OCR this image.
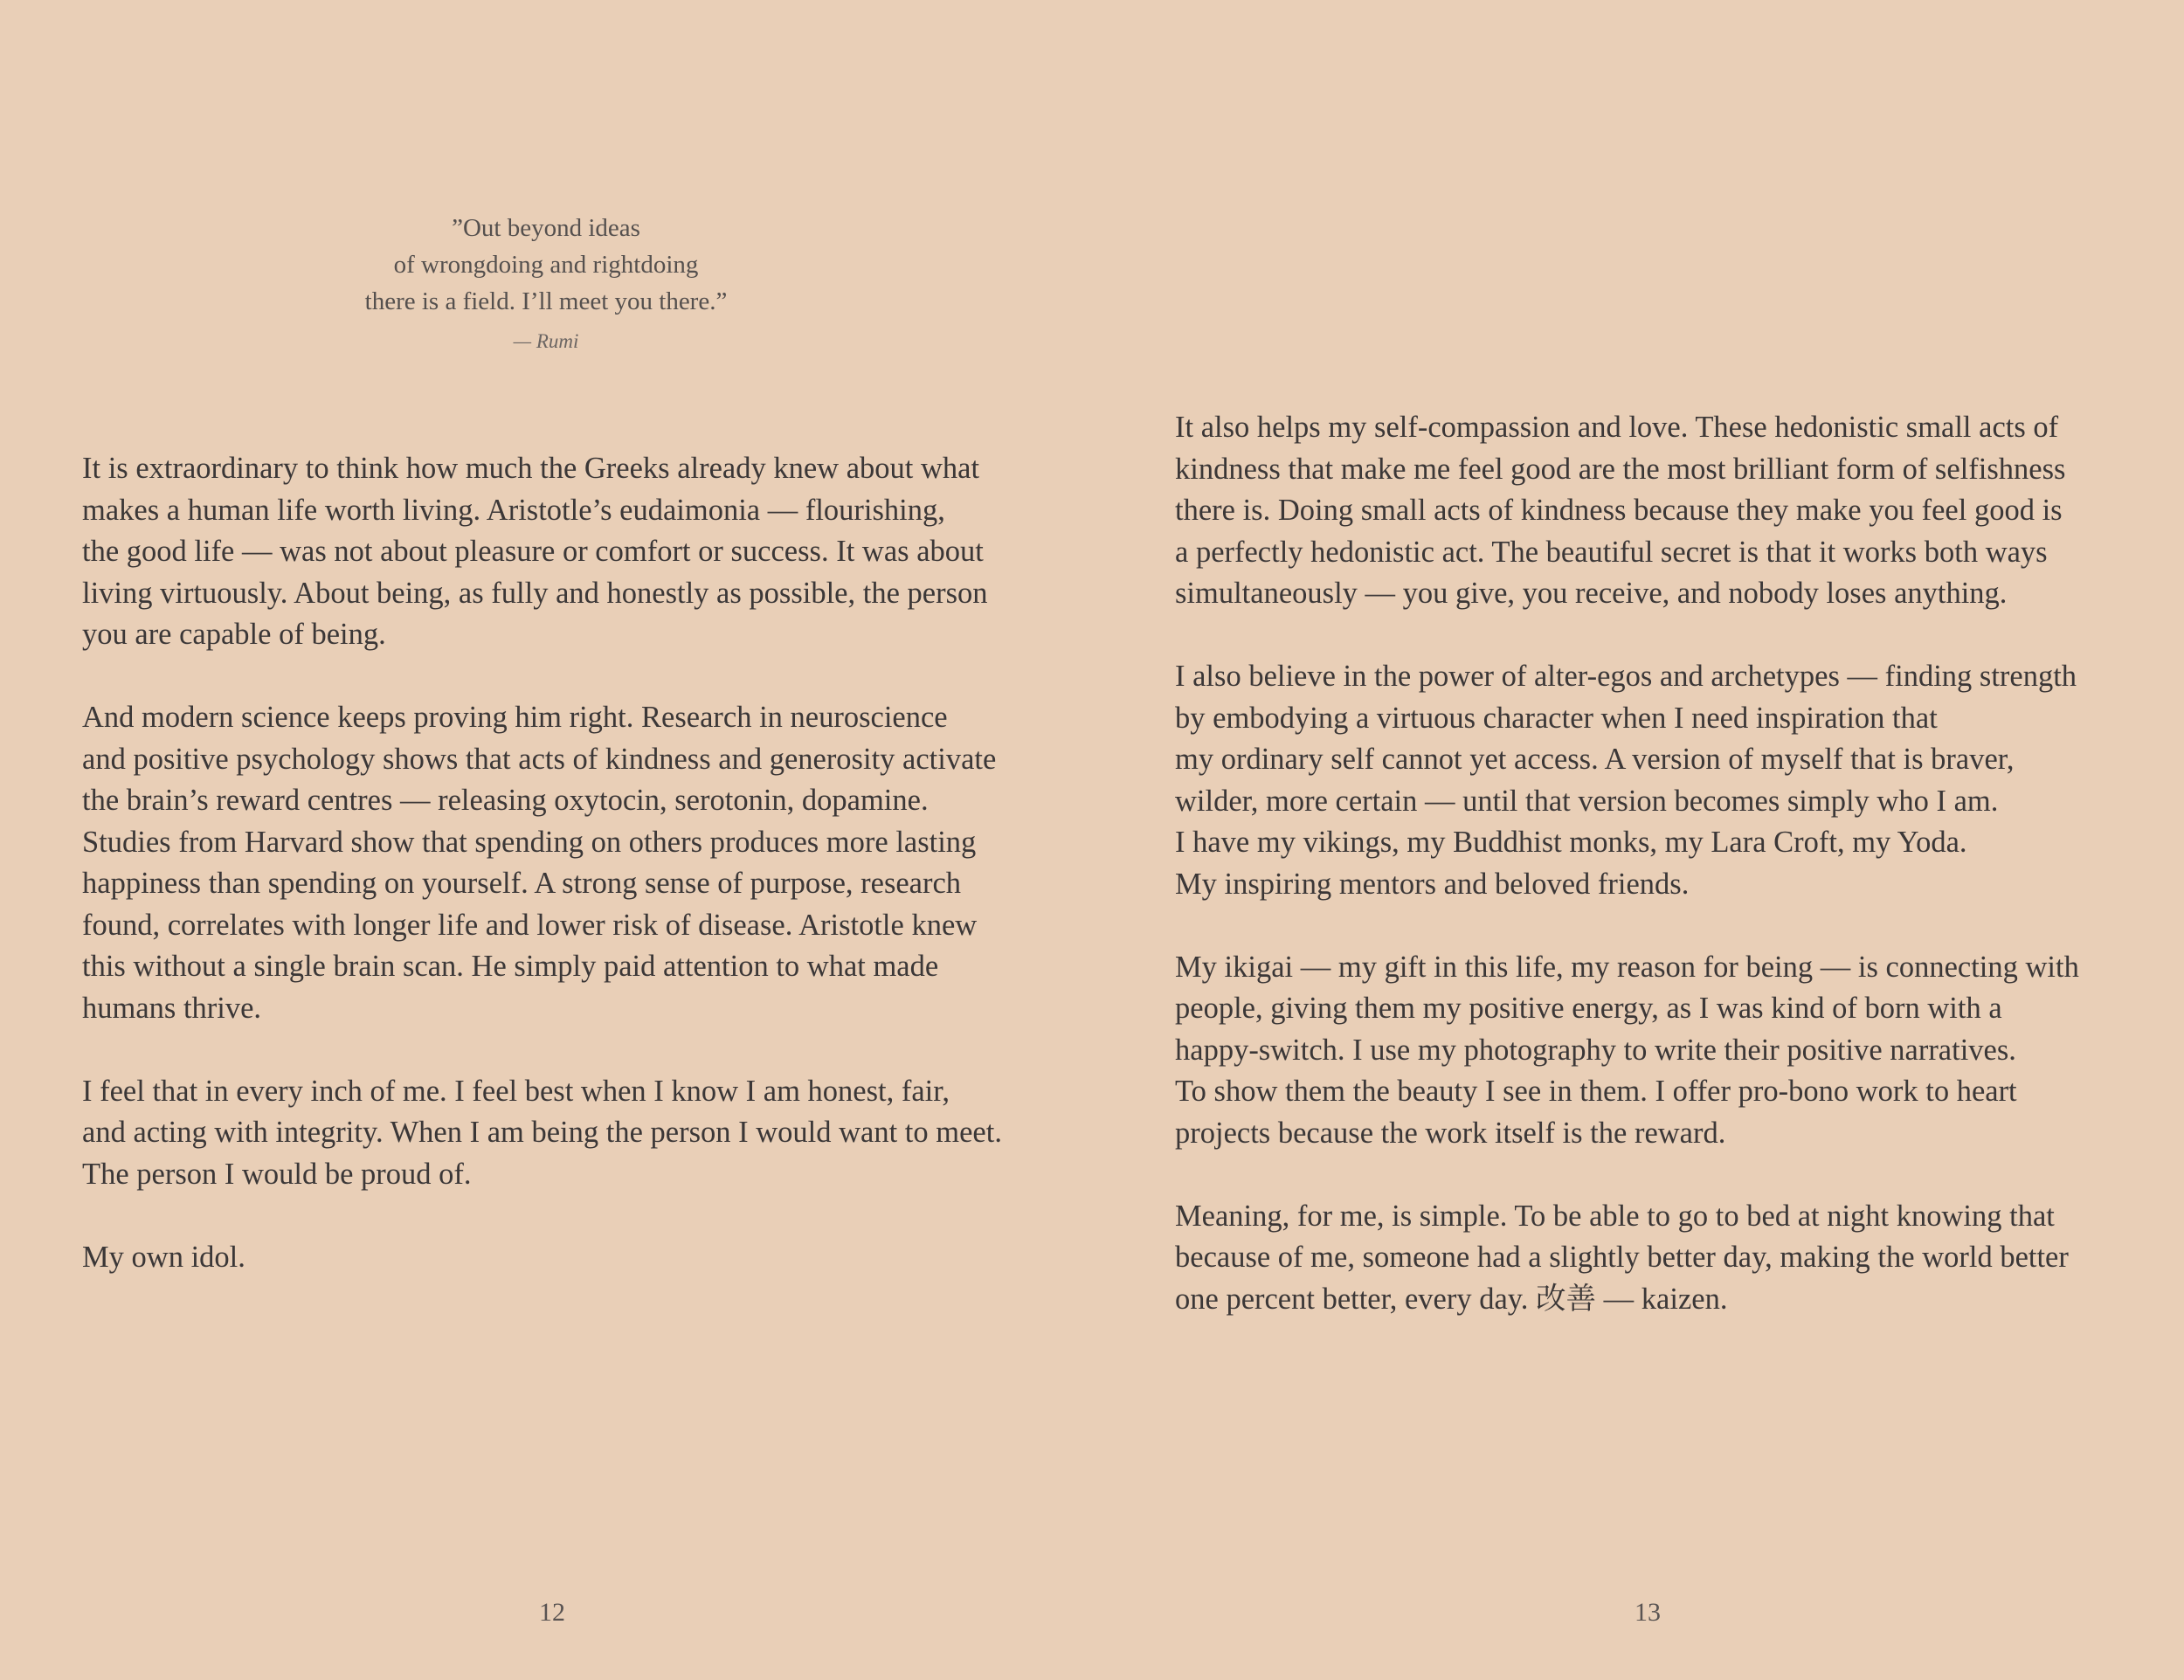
”Out beyond ideas
of wrongdoing and rightdoing
there is a field. I’ll meet you there.”
— Rumi
It is extraordinary to think how much the Greeks already knew about what
makes a human life worth living. Aristotle’s eudaimonia — flourishing,
the good life — was not about pleasure or comfort or success. It was about
living virtuously. About being, as fully and honestly as possible, the person
you are capable of being.
And modern science keeps proving him right. Research in neuroscience
and positive psychology shows that acts of kindness and generosity activate
the brain’s reward centres — releasing oxytocin, serotonin, dopamine.
Studies from Harvard show that spending on others produces more lasting
happiness than spending on yourself. A strong sense of purpose, research
found, correlates with longer life and lower risk of disease. Aristotle knew
this without a single brain scan. He simply paid attention to what made
humans thrive.
I feel that in every inch of me. I feel best when I know I am honest, fair,
and acting with integrity. When I am being the person I would want to meet.
The person I would be proud of.
My own idol.
12
It also helps my self-compassion and love. These hedonistic small acts of
kindness that make me feel good are the most brilliant form of selfishness
there is. Doing small acts of kindness because they make you feel good is
a perfectly hedonistic act. The beautiful secret is that it works both ways
simultaneously — you give, you receive, and nobody loses anything.
I also believe in the power of alter-egos and archetypes — finding strength
by embodying a virtuous character when I need inspiration that
my ordinary self cannot yet access. A version of myself that is braver,
wilder, more certain — until that version becomes simply who I am.
I have my vikings, my Buddhist monks, my Lara Croft, my Yoda.
My inspiring mentors and beloved friends.
My ikigai — my gift in this life, my reason for being — is connecting with
people, giving them my positive energy, as I was kind of born with a
happy-switch. I use my photography to write their positive narratives.
To show them the beauty I see in them. I offer pro-bono work to heart
projects because the work itself is the reward.
Meaning, for me, is simple. To be able to go to bed at night knowing that
because of me, someone had a slightly better day, making the world better
one percent better, every day. 改善 — kaizen.
13
